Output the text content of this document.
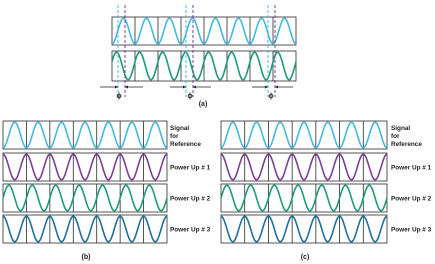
ϕ	ϕ	ϕ
(a)
Signal
for
Reference
Power Up # 1
Power Up # 2
Power Up # 3
(b)
Signal
for
Reference
Power Up # 1
Power Up # 2
Power Up # 3
(c)
